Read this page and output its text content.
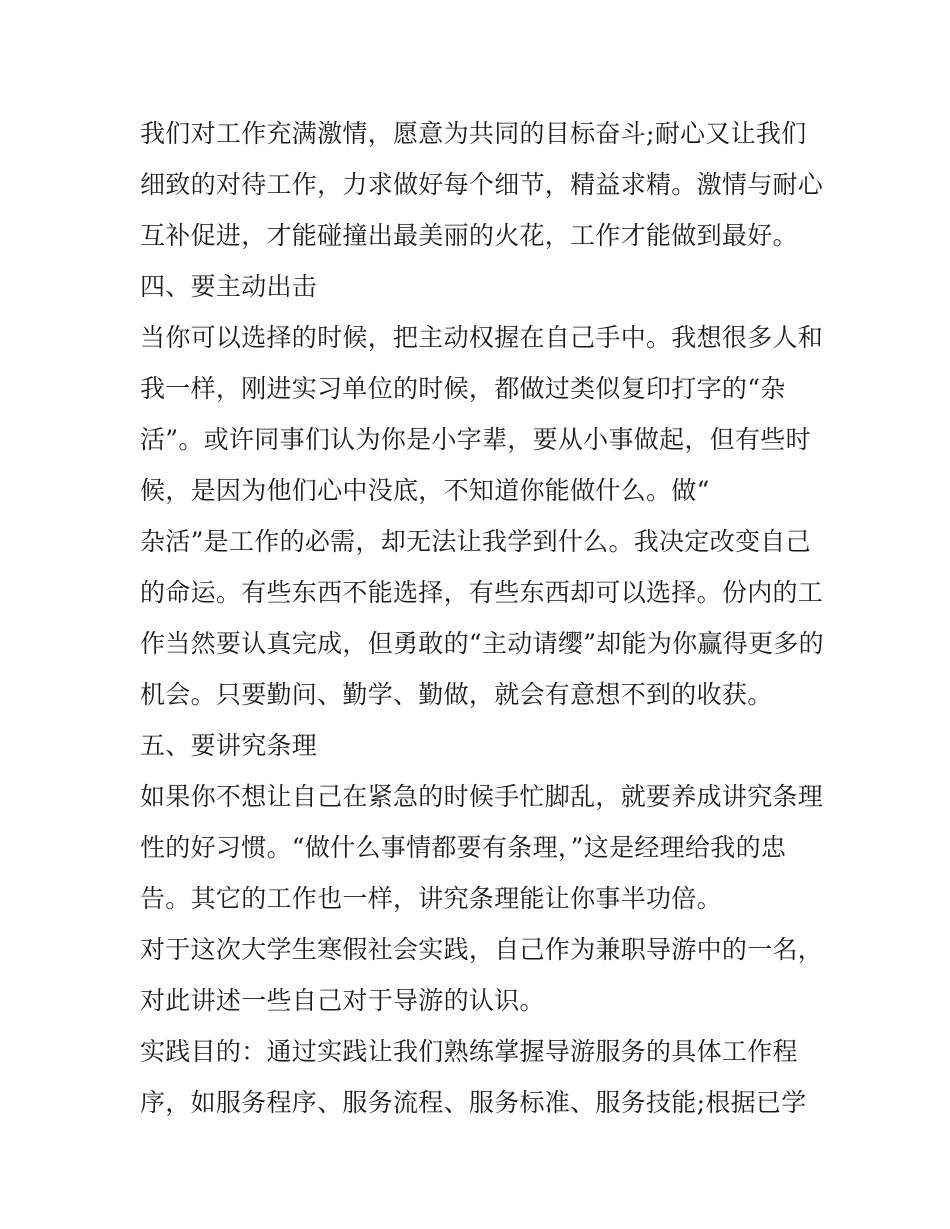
我们对工作充满激情，愿意为共同的目标奋斗;耐心又让我们
细致的对待工作，力求做好每个细节，精益求精。激情与耐心
互补促进，才能碰撞出最美丽的火花，工作才能做到最好。
四、要主动出击
当你可以选择的时候，把主动权握在自己手中。我想很多人和
我一样，刚进实习单位的时候，都做过类似复印打字的“杂
活”。或许同事们认为你是小字辈，要从小事做起，但有些时
候，是因为他们心中没底，不知道你能做什么。做“
杂活”是工作的必需，却无法让我学到什么。我决定改变自己
的命运。有些东西不能选择，有些东西却可以选择。份内的工
作当然要认真完成，但勇敢的“主动请缨”却能为你赢得更多的
机会。只要勤问、勤学、勤做，就会有意想不到的收获。
五、要讲究条理
如果你不想让自己在紧急的时候手忙脚乱，就要养成讲究条理
性的好习惯。“做什么事情都要有条理，”这是经理给我的忠
告。其它的工作也一样，讲究条理能让你事半功倍。
对于这次大学生寒假社会实践，自己作为兼职导游中的一名，
对此讲述一些自己对于导游的认识。
实践目的：通过实践让我们熟练掌握导游服务的具体工作程
序，如服务程序、服务流程、服务标准、服务技能;根据已学
